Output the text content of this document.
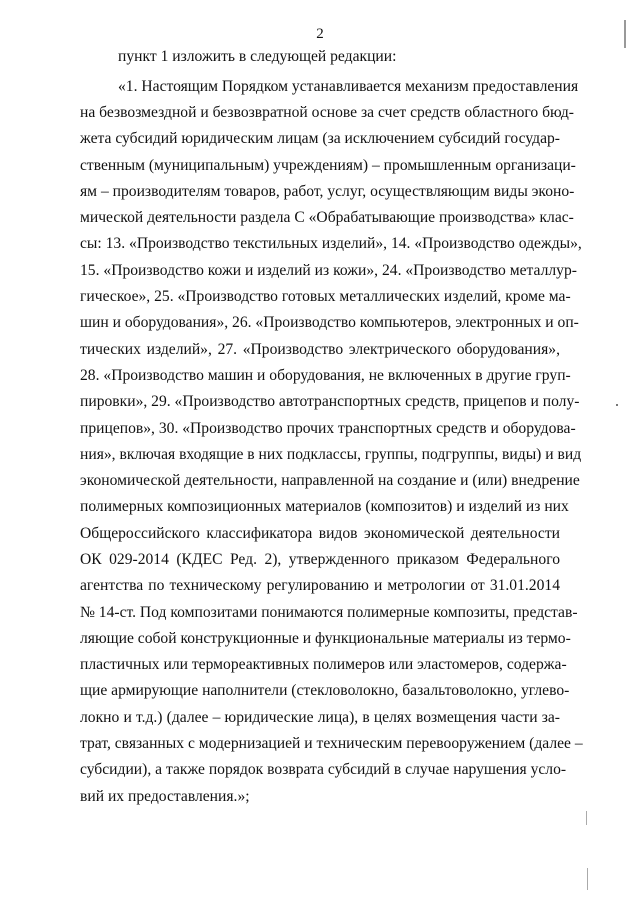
2
пункт 1 изложить в следующей редакции:
«1. Настоящим Порядком устанавливается механизм предоставления
на безвозмездной и безвозвратной основе за счет средств областного бюд-
жета субсидий юридическим лицам (за исключением субсидий государ-
ственным (муниципальным) учреждениям) – промышленным организаци-
ям – производителям товаров, работ, услуг, осуществляющим виды эконо-
мической деятельности раздела С «Обрабатывающие производства» клас-
сы: 13. «Производство текстильных изделий», 14. «Производство одежды»,
15. «Производство кожи и изделий из кожи», 24. «Производство металлур-
гическое», 25. «Производство готовых металлических изделий, кроме ма-
шин и оборудования», 26. «Производство компьютеров, электронных и оп-
тических изделий», 27. «Производство электрического оборудования»,
28. «Производство машин и оборудования, не включенных в другие груп-
пировки», 29. «Производство автотранспортных средств, прицепов и полу-
прицепов», 30. «Производство прочих транспортных средств и оборудова-
ния», включая входящие в них подклассы, группы, подгруппы, виды) и вид
экономической деятельности, направленной на создание и (или) внедрение
полимерных композиционных материалов (композитов) и изделий из них
Общероссийского классификатора видов экономической деятельности
ОК 029-2014 (КДЕС Ред. 2), утвержденного приказом Федерального
агентства по техническому регулированию и метрологии от 31.01.2014
№ 14-ст. Под композитами понимаются полимерные композиты, представ-
ляющие собой конструкционные и функциональные материалы из термо-
пластичных или термореактивных полимеров или эластомеров, содержа-
щие армирующие наполнители (стекловолокно, базальтоволокно, углево-
локно и т.д.) (далее – юридические лица), в целях возмещения части за-
трат, связанных с модернизацией и техническим перевооружением (далее –
субсидии), а также порядок возврата субсидий в случае нарушения усло-
вий их предоставления.»;
